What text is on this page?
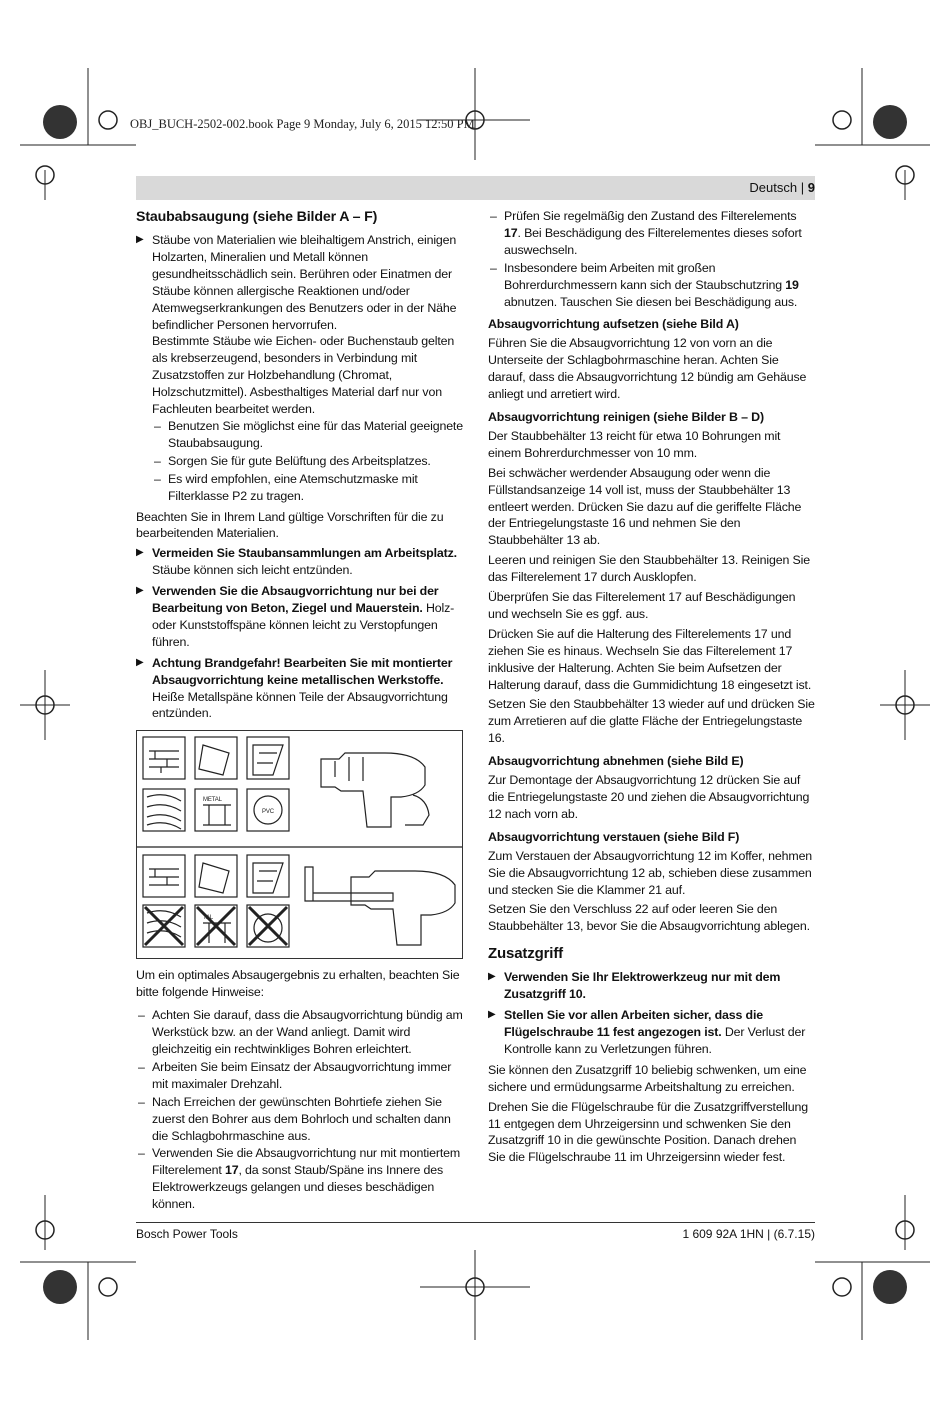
OBJ_BUCH-2502-002.book Page 9 Monday, July 6, 2015 12:50 PM
Deutsch | 9
Staubabsaugung (siehe Bilder A – F)
▶ Stäube von Materialien wie bleihaltigem Anstrich, einigen Holzarten, Mineralien und Metall können gesundheitsschädlich sein. Berühren oder Einatmen der Stäube können allergische Reaktionen und/oder Atemwegserkrankungen des Benutzers oder in der Nähe befindlicher Personen hervorrufen.
Bestimmte Stäube wie Eichen- oder Buchenstaub gelten als krebserzeugend, besonders in Verbindung mit Zusatzstoffen zur Holzbehandlung (Chromat, Holzschutzmittel). Asbesthaltiges Material darf nur von Fachleuten bearbeitet werden.
– Benutzen Sie möglichst eine für das Material geeignete Staubabsaugung.
– Sorgen Sie für gute Belüftung des Arbeitsplatzes.
– Es wird empfohlen, eine Atemschutzmaske mit Filterklasse P2 zu tragen.

Beachten Sie in Ihrem Land gültige Vorschriften für die zu bearbeitenden Materialien.

▶ Vermeiden Sie Staubansammlungen am Arbeitsplatz. Stäube können sich leicht entzünden.
▶ Verwenden Sie die Absaugvorrichtung nur bei der Bearbeitung von Beton, Ziegel und Mauerstein. Holz- oder Kunststoffspäne können leicht zu Verstopfungen führen.
▶ Achtung Brandgefahr! Bearbeiten Sie mit montierter Absaugvorrichtung keine metallischen Werkstoffe. Heiße Metallspäne können Teile der Absaugvorrichtung entzünden.
METAL
PVC
TAL

Um ein optimales Absaugergebnis zu erhalten, beachten Sie bitte folgende Hinweise:

– Achten Sie darauf, dass die Absaugvorrichtung bündig am Werkstück bzw. an der Wand anliegt. Damit wird gleichzeitig ein rechtwinkliges Bohren erleichtert.
– Arbeiten Sie beim Einsatz der Absaugvorrichtung immer mit maximaler Drehzahl.
– Nach Erreichen der gewünschten Bohrtiefe ziehen Sie zuerst den Bohrer aus dem Bohrloch und schalten dann die Schlagbohrmaschine aus.
– Verwenden Sie die Absaugvorrichtung nur mit montiertem Filterelement 17, da sonst Staub/Späne ins Innere des Elektrowerkzeugs gelangen und dieses beschädigen können.
– Prüfen Sie regelmäßig den Zustand des Filterelements 17. Bei Beschädigung des Filterelementes dieses sofort auswechseln.
– Insbesondere beim Arbeiten mit großen Bohrerdurchmessern kann sich der Staubschutzring 19 abnutzen. Tauschen Sie diesen bei Beschädigung aus.
Absaugvorrichtung aufsetzen (siehe Bild A)

Führen Sie die Absaugvorrichtung 12 von vorn an die Unterseite der Schlagbohrmaschine heran. Achten Sie darauf, dass die Absaugvorrichtung 12 bündig am Gehäuse anliegt und arretiert wird.

Absaugvorrichtung reinigen (siehe Bilder B – D)

Der Staubbehälter 13 reicht für etwa 10 Bohrungen mit einem Bohrerdurchmesser von 10 mm.

Bei schwächer werdender Absaugung oder wenn die Füllstandsanzeige 14 voll ist, muss der Staubbehälter 13 entleert werden. Drücken Sie dazu auf die geriffelte Fläche der Entriegelungstaste 16 und nehmen Sie den Staubbehälter 13 ab.

Leeren und reinigen Sie den Staubbehälter 13. Reinigen Sie das Filterelement 17 durch Ausklopfen.

Überprüfen Sie das Filterelement 17 auf Beschädigungen und wechseln Sie es ggf. aus.

Drücken Sie auf die Halterung des Filterelements 17 und ziehen Sie es hinaus. Wechseln Sie das Filterelement 17 inklusive der Halterung. Achten Sie beim Aufsetzen der Halterung darauf, dass die Gummidichtung 18 eingesetzt ist.

Setzen Sie den Staubbehälter 13 wieder auf und drücken Sie zum Arretieren auf die glatte Fläche der Entriegelungstaste 16.

Absaugvorrichtung abnehmen (siehe Bild E)

Zur Demontage der Absaugvorrichtung 12 drücken Sie auf die Entriegelungstaste 20 und ziehen die Absaugvorrichtung 12 nach vorn ab.

Absaugvorrichtung verstauen (siehe Bild F)

Zum Verstauen der Absaugvorrichtung 12 im Koffer, nehmen Sie die Absaugvorrichtung 12 ab, schieben diese zusammen und stecken Sie die Klammer 21 auf.

Setzen Sie den Verschluss 22 auf oder leeren Sie den Staubbehälter 13, bevor Sie die Absaugvorrichtung ablegen.

Zusatzgriff
▶ Verwenden Sie Ihr Elektrowerkzeug nur mit dem Zusatzgriff 10.
▶ Stellen Sie vor allen Arbeiten sicher, dass die Flügelschraube 11 fest angezogen ist. Der Verlust der Kontrolle kann zu Verletzungen führen.

Sie können den Zusatzgriff 10 beliebig schwenken, um eine sichere und ermüdungsarme Arbeitshaltung zu erreichen.

Drehen Sie die Flügelschraube für die Zusatzgriffverstellung 11 entgegen dem Uhrzeigersinn und schwenken Sie den Zusatzgriff 10 in die gewünschte Position. Danach drehen Sie die Flügelschraube 11 im Uhrzeigersinn wieder fest.

Bosch Power Tools	1 609 92A 1HN | (6.7.15)
